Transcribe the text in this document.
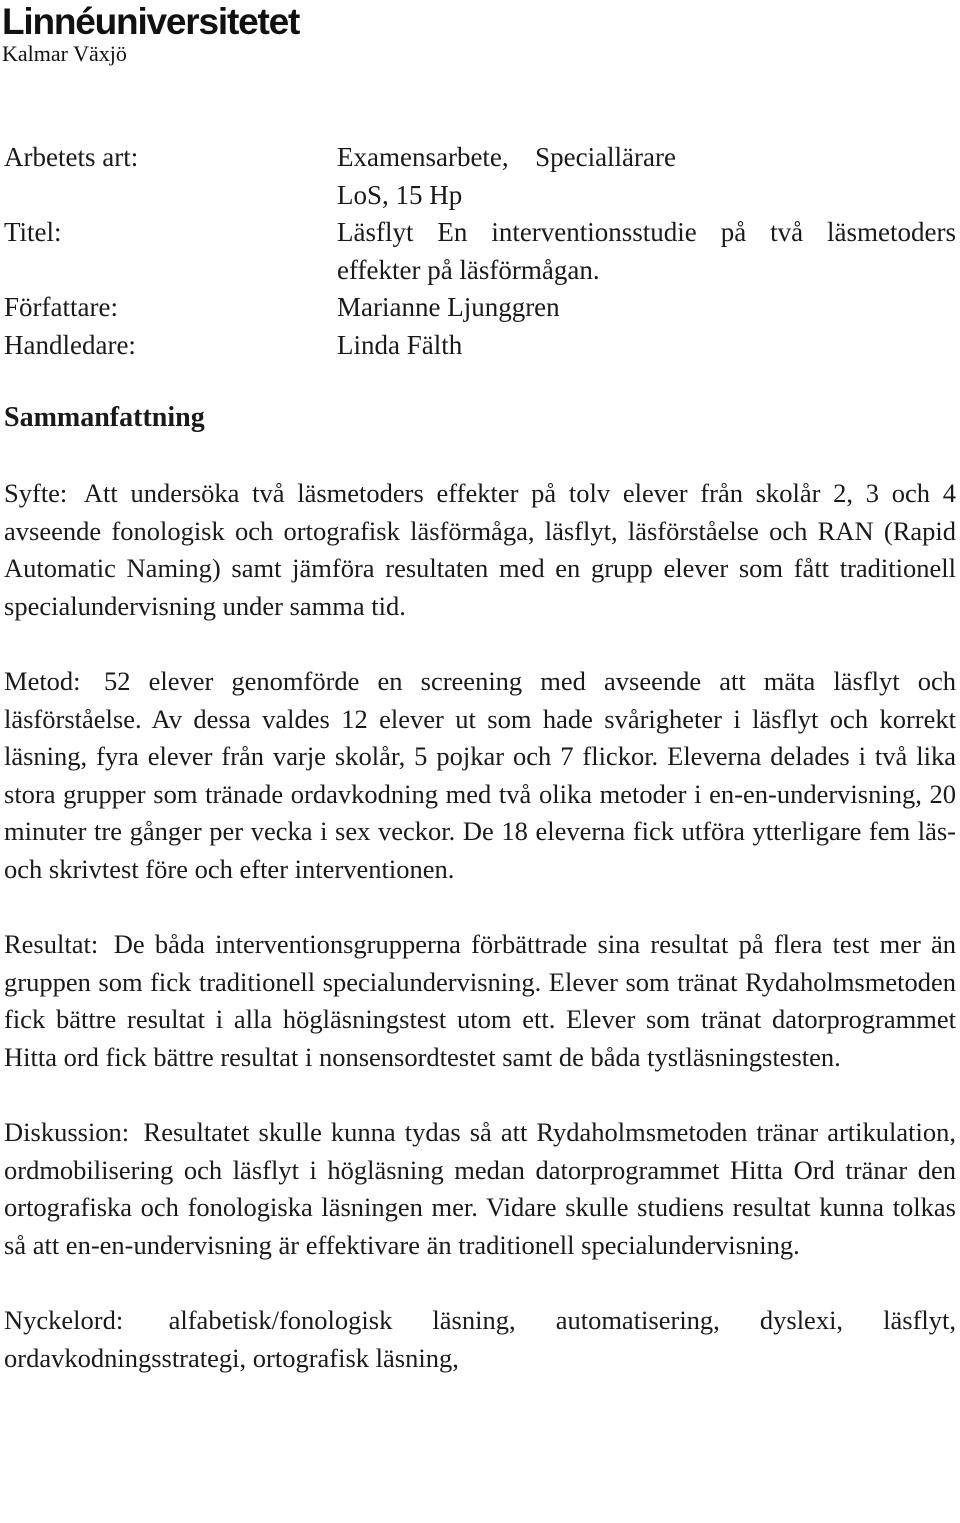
Linnéuniversitetet
Kalmar Växjö
Arbetets art:	Examensarbete, Speciallärare LoS, 15 Hp
Titel:	Läsflyt En interventionsstudie på två läsmetoders effekter på läsförmågan.
Författare:	Marianne Ljunggren
Handledare:	Linda Fälth
Sammanfattning

Syfte: Att undersöka två läsmetoders effekter på tolv elever från skolår 2, 3 och 4 avseende fonologisk och ortografisk läsförmåga, läsflyt, läsförståelse och RAN (Rapid Automatic Naming) samt jämföra resultaten med en grupp elever som fått traditionell specialundervisning under samma tid.

Metod: 52 elever genomförde en screening med avseende att mäta läsflyt och läsförståelse. Av dessa valdes 12 elever ut som hade svårigheter i läsflyt och korrekt läsning, fyra elever från varje skolår, 5 pojkar och 7 flickor. Eleverna delades i två lika stora grupper som tränade ordavkodning med två olika metoder i en-en-undervisning, 20 minuter tre gånger per vecka i sex veckor. De 18 eleverna fick utföra ytterligare fem läs- och skrivtest före och efter interventionen.

Resultat: De båda interventionsgrupperna förbättrade sina resultat på flera test mer än gruppen som fick traditionell specialundervisning. Elever som tränat Rydaholmsmetoden fick bättre resultat i alla högläsningstest utom ett. Elever som tränat datorprogrammet Hitta ord fick bättre resultat i nonsensordtestet samt de båda tystläsningstesten.

Diskussion: Resultatet skulle kunna tydas så att Rydaholmsmetoden tränar artikulation, ordmobilisering och läsflyt i högläsning medan datorprogrammet Hitta Ord tränar den ortografiska och fonologiska läsningen mer. Vidare skulle studiens resultat kunna tolkas så att en-en-undervisning är effektivare än traditionell specialundervisning.

Nyckelord: alfabetisk/fonologisk läsning, automatisering, dyslexi, läsflyt, ordavkodningsstrategi, ortografisk läsning,
